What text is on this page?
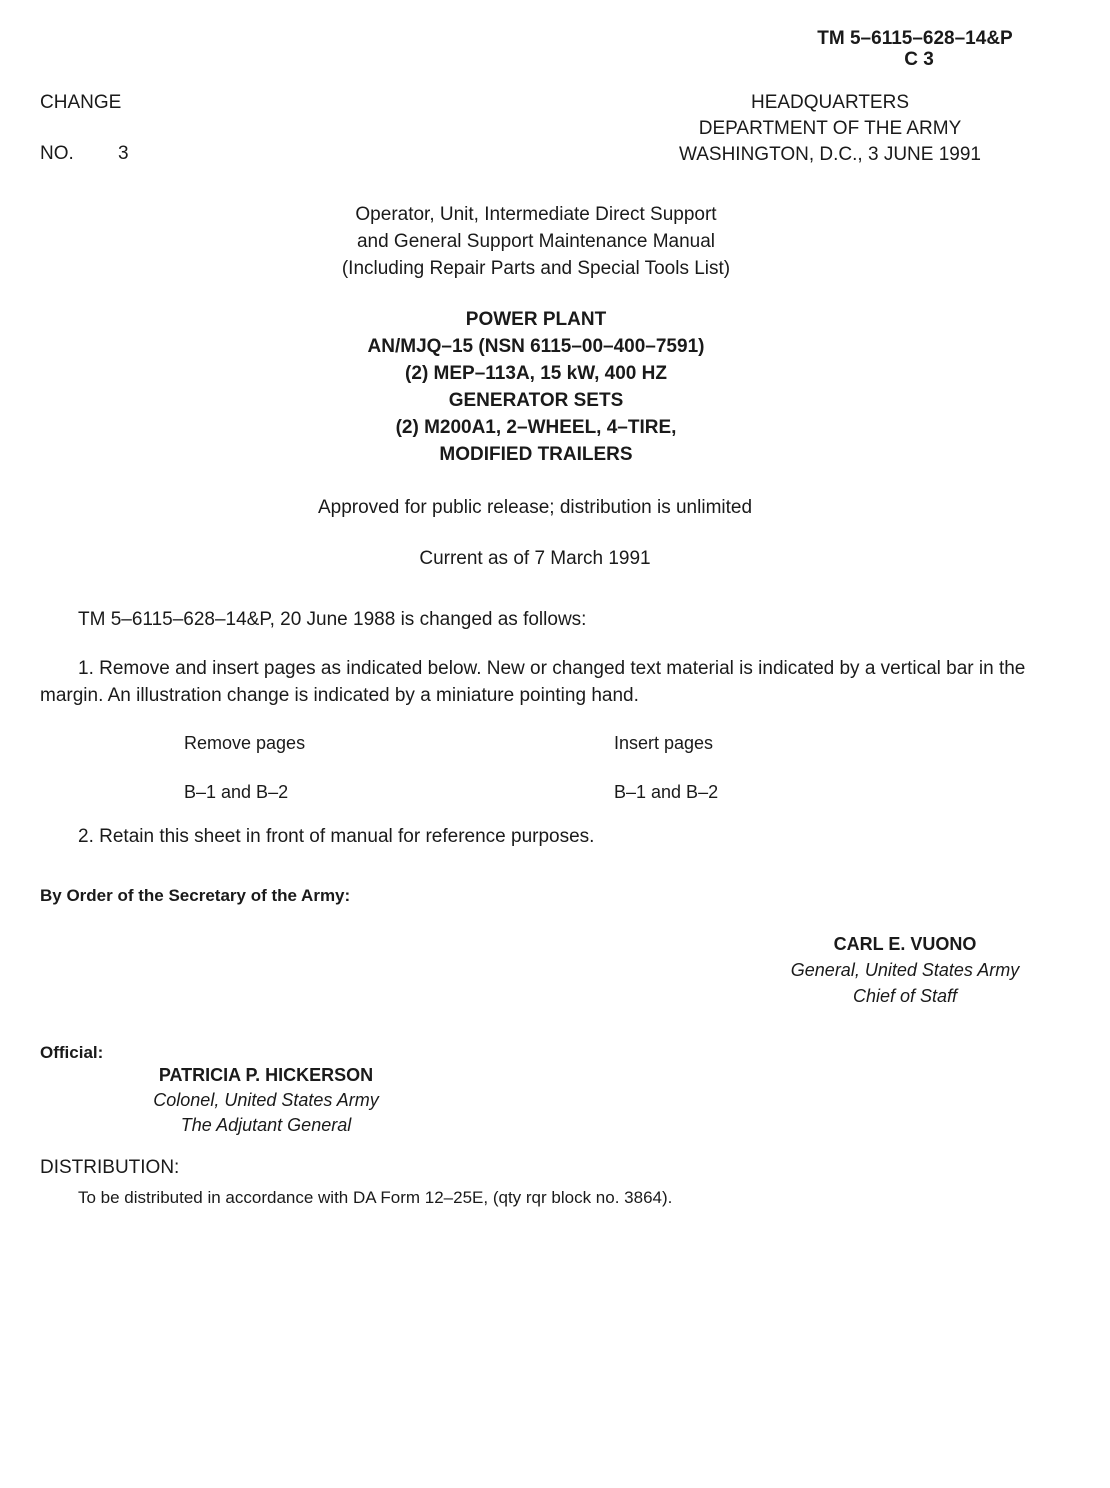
TM 5–6115–628–14&P
C 3
CHANGE
NO. 3
HEADQUARTERS
DEPARTMENT OF THE ARMY
WASHINGTON, D.C., 3 JUNE 1991
Operator, Unit, Intermediate Direct Support
and General Support Maintenance Manual
(Including Repair Parts and Special Tools List)
POWER PLANT
AN/MJQ–15 (NSN 6115–00–400–7591)
(2) MEP–113A, 15 kW, 400 HZ
GENERATOR SETS
(2) M200A1, 2–WHEEL, 4–TIRE,
MODIFIED TRAILERS
Approved for public release; distribution is unlimited
Current as of 7 March 1991
TM 5–6115–628–14&P, 20 June 1988 is changed as follows:
1. Remove and insert pages as indicated below. New or changed text material is indicated by a vertical bar in the margin. An illustration change is indicated by a miniature pointing hand.
Remove pages	Insert pages
B–1 and B–2	B–1 and B–2
2. Retain this sheet in front of manual for reference purposes.
By Order of the Secretary of the Army:
CARL E. VUONO
General, United States Army
Chief of Staff
Official:
PATRICIA P. HICKERSON
Colonel, United States Army
The Adjutant General
DISTRIBUTION:
To be distributed in accordance with DA Form 12–25E, (qty rqr block no. 3864).
